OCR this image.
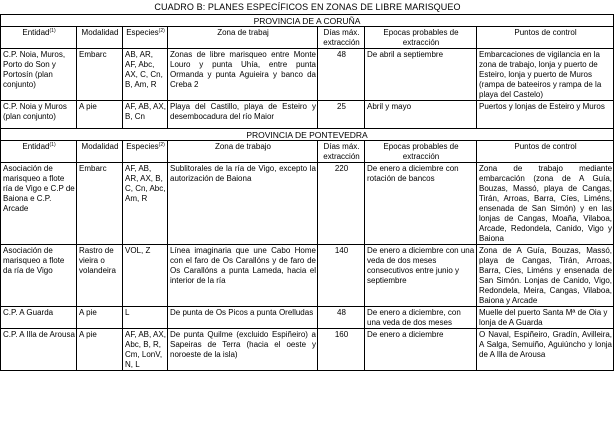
CUADRO B: PLANES ESPECÍFICOS EN ZONAS DE LIBRE MARISQUEO
PROVINCIA DE A CORUÑA						
Entidad$^{(1)}$	Modalidad	Especies$^{(2)}$	Zona de trabaj	Días máx. extracción	Epocas probables de extracción	Puntos de control
C.P. Noia, Muros, Porto do Son y Portosín (plan conjunto)	Embarc	AB, AR, AF, Abc, AX, C, Cn, B, Am, R	Zonas de libre marisqueo entre Monte Louro y punta Uhía, entre punta Ormanda y punta Aguieira y banco da Creba 2	48	De abril a septiembre	Embarcaciones de vigilancia en la zona de trabajo, lonja y puerto de Esteiro, lonja y puerto de Muros (rampa de bateeiros y rampa de la playa del Castelo)
C.P. Noia y Muros (plan conjunto)	A pie	AF, AB, AX, B, Cn	Playa del Castillo, playa de Esteiro y desembocadura del río Maior	25	Abril y mayo	Puertos y lonjas de Esteiro y Muros
PROVINCIA DE PONTEVEDRA						
Entidad$^{(1)}$	Modalidad	Especies$^{(2)}$	Zona de trabajo	Días máx. extracción	Epocas probables de extracción	Puntos de control
Asociación de marisqueo a flote ría de Vigo e C.P de Baiona e C.P. Arcade	Embarc	AF, AB, AR, AX, B, C, Cn, Abc, Am, R	Sublitorales de la ría de Vigo, excepto la autorización de Baiona	220	De enero a diciembre con rotación de bancos	Zona de trabajo mediante embarcación (zona de A Guía, Bouzas, Massó, playa de Cangas, Tirán, Arroas, Barra, Cíes, Liméns, ensenada de San Simón) y en las lonjas de Cangas, Moaña, Vilaboa, Arcade, Redondela, Canido, Vigo y Baiona
Asociación de marisqueo a flote da ría de Vigo	Rastro de vieira o volandeira	VOL, Z	Línea imaginaria que une Cabo Home con el faro de Os Carallóns y de faro de Os Carallóns a punta Lameda, hacia el interior de la ría	140	De enero a diciembre con una veda de dos meses consecutivos entre junio y septiembre	Zona de A Guía, Bouzas, Massó, playa de Cangas, Tirán, Arroas, Barra, Cíes, Liméns y ensenada de San Simón. Lonjas de Canido, Vigo, Redondela, Meira, Cangas, Vilaboa, Baiona y Arcade
C.P. A Guarda	A pie	L	De punta de Os Picos a punta Orelludas	48	De enero a diciembre, con una veda de dos meses	Muelle del puerto Santa Mª de Oia y lonja de A Guarda
C.P. A Illa de Arousa	A pie	AF, AB, AX, Abc, B, R, Cm, LonV, N, L	De punta Quilme (excluido Espiñeiro) a Sapeiras de Terra (hacia el oeste y noroeste de la isla)	160	De enero a diciembre	O Naval, Espiñeiro, Gradín, Avilleira, A Salga, Semuiño, Aguiúncho y lonja de A Illa de Arousa
